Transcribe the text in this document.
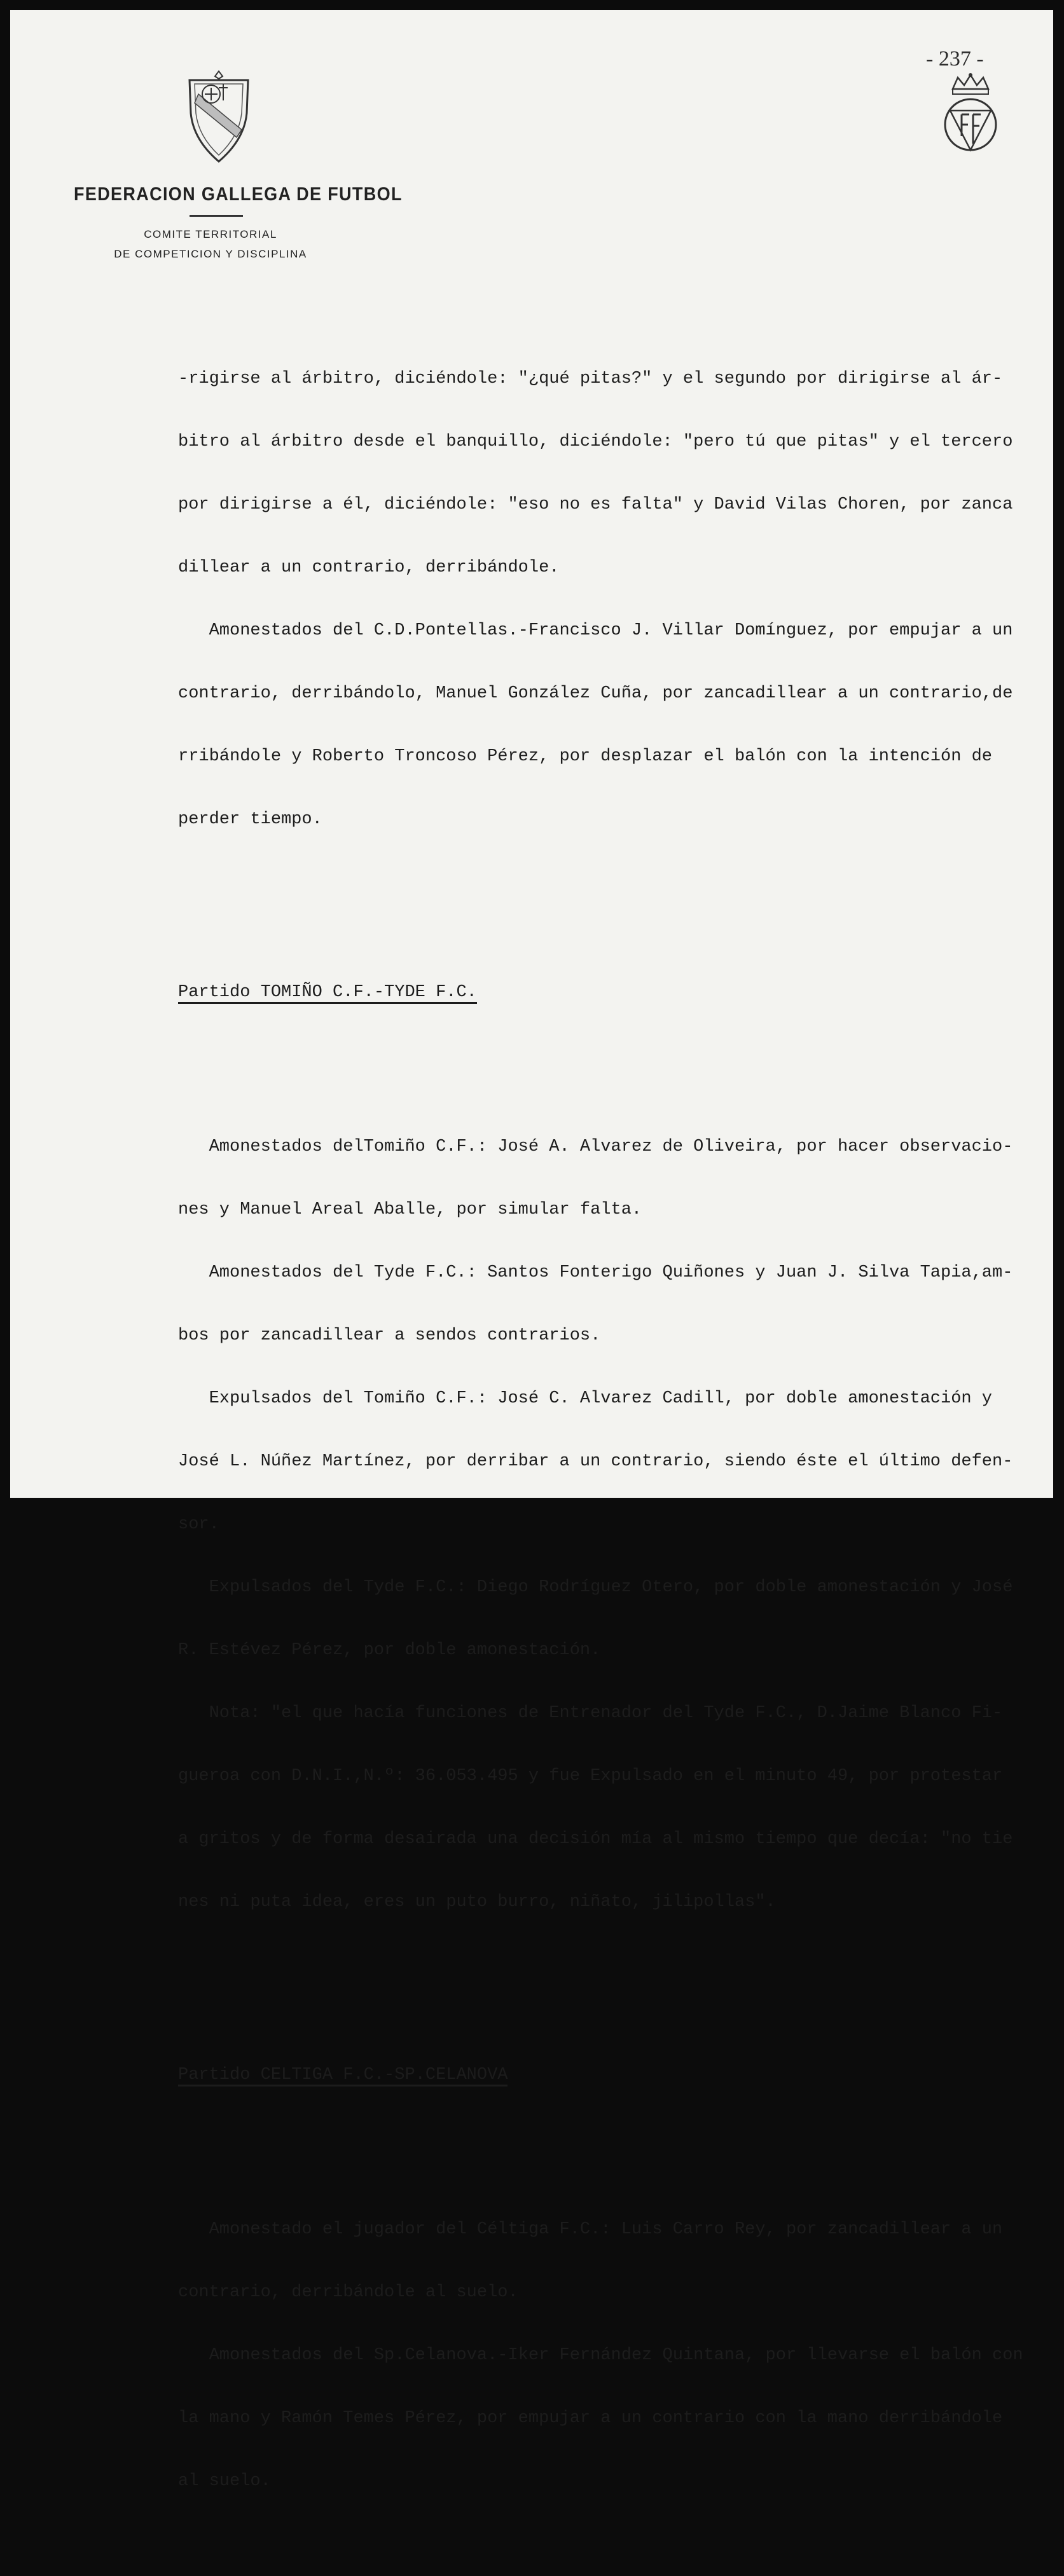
- 237 -
FEDERACION GALLEGA DE FUTBOL
COMITE TERRITORIAL
DE COMPETICION Y DISCIPLINA

-rigirse al árbitro, diciéndole: "¿qué pitas?" y el segundo por dirigirse al ár-

bitro al árbitro desde el banquillo, diciéndole: "pero tú que pitas" y el tercero

por dirigirse a él, diciéndole: "eso no es falta" y David Vilas Choren, por zanca

dillear a un contrario, derribándole.

Amonestados del C.D.Pontellas.-Francisco J. Villar Domínguez, por empujar a un

contrario, derribándolo, Manuel González Cuña, por zancadillear a un contrario,de

rribándole y Roberto Troncoso Pérez, por desplazar el balón con la intención de

perder tiempo.

Partido TOMIÑO C.F.-TYDE F.C.

Amonestados delTomiño C.F.: José A. Alvarez de Oliveira, por hacer observacio-

nes y Manuel Areal Aballe, por simular falta.

Amonestados del Tyde F.C.: Santos Fonterigo Quiñones y Juan J. Silva Tapia,am-

bos por zancadillear a sendos contrarios.

Expulsados del Tomiño C.F.: José C. Alvarez Cadill, por doble amonestación y

José L. Núñez Martínez, por derribar a un contrario, siendo éste el último defen-

sor.

Expulsados del Tyde F.C.: Diego Rodríguez Otero, por doble amonestación y José

R. Estévez Pérez, por doble amonestación.

Nota: "el que hacía funciones de Entrenador del Tyde F.C., D.Jaime Blanco Fi-

gueroa con D.N.I.,N.º: 36.053.495 y fue Expulsado en el minuto 49, por protestar

a gritos y de forma desairada una decisión mía al mismo tiempo que decía: "no tie

nes ni puta idea, eres un puto burro, niñato, jilipollas".

Partido CELTIGA F.C.-SP.CELANOVA

Amonestado el jugador del Céltiga F.C.: Luis Carro Rey, por zancadillear a un

contrario, derribándole al suelo.

Amonestados del Sp.Celanova.-Iker Fernández Quintana, por llevarse el balón con

la mano y Ramón Temes Pérez, por empujar a un contrario con la mano derribándole

al suelo.
